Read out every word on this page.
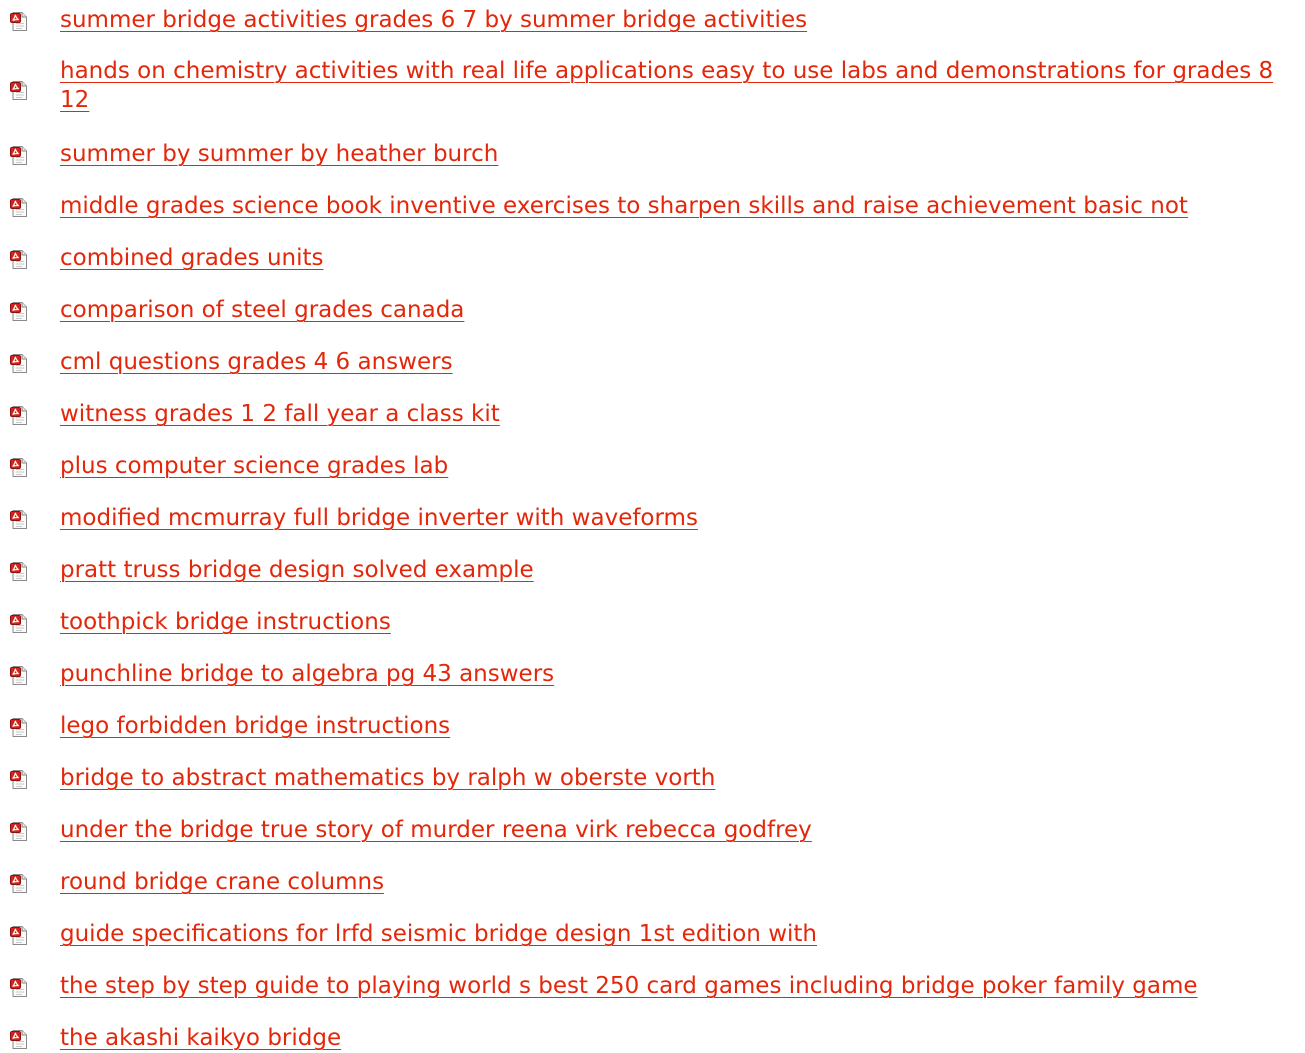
summer bridge activities grades 6 7 by summer bridge activities
hands on chemistry activities with real life applications easy to use labs and demonstrations for grades 8 12
summer by summer by heather burch
middle grades science book inventive exercises to sharpen skills and raise achievement basic not
combined grades units
comparison of steel grades canada
cml questions grades 4 6 answers
witness grades 1 2 fall year a class kit
plus computer science grades lab
modified mcmurray full bridge inverter with waveforms
pratt truss bridge design solved example
toothpick bridge instructions
punchline bridge to algebra pg 43 answers
lego forbidden bridge instructions
bridge to abstract mathematics by ralph w oberste vorth
under the bridge true story of murder reena virk rebecca godfrey
round bridge crane columns
guide specifications for lrfd seismic bridge design 1st edition with
the step by step guide to playing world s best 250 card games including bridge poker family game
the akashi kaikyo bridge
